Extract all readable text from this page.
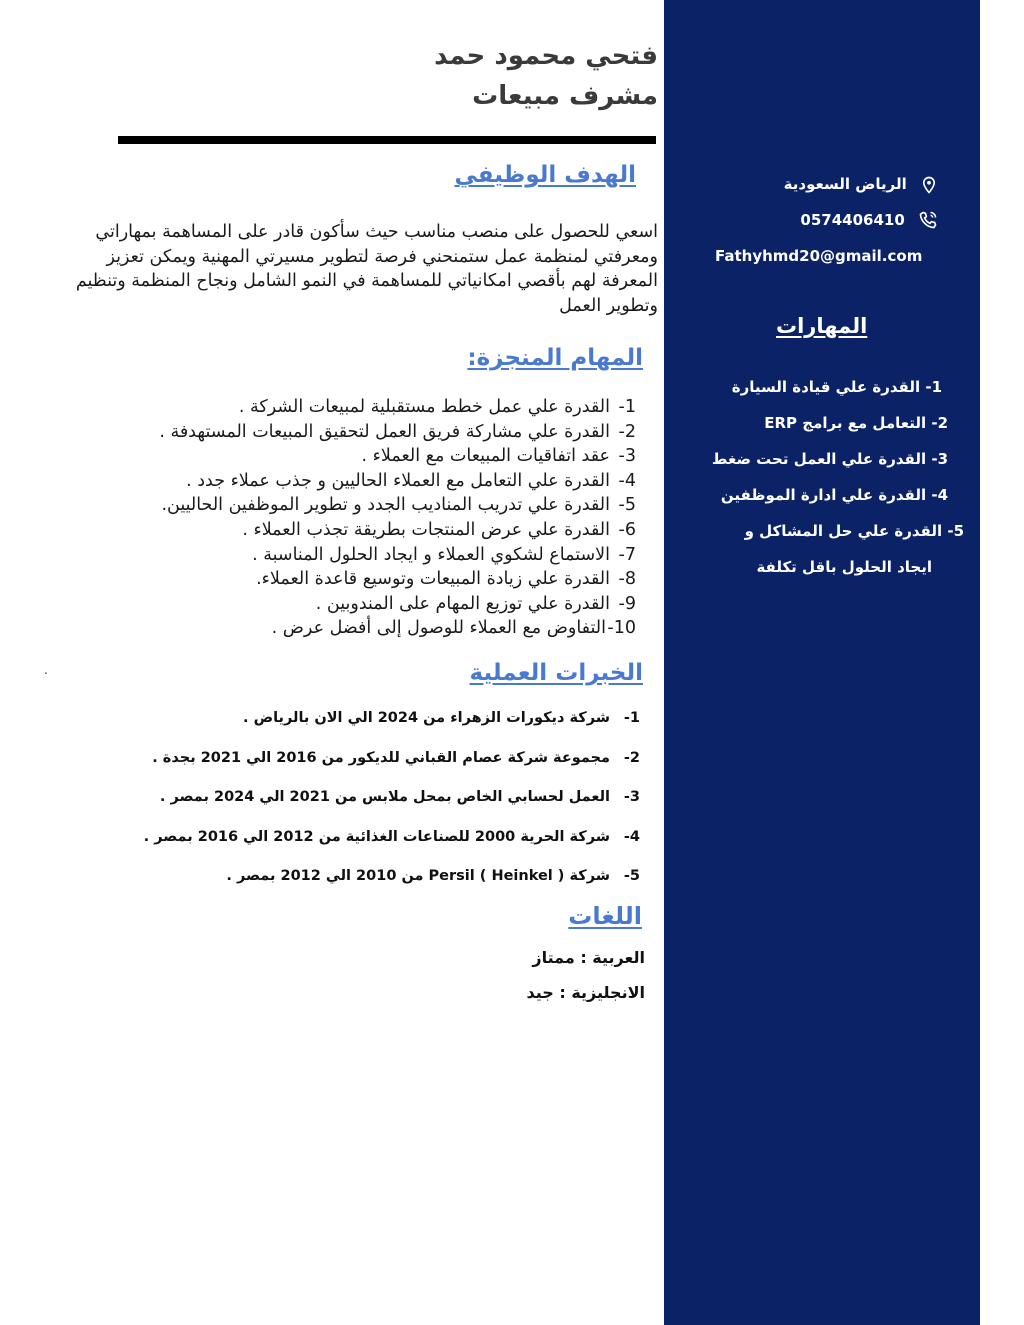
فتحي محمود حمد
مشرف مبيعات
الهدف الوظيفي
اسعي للحصول على منصب مناسب حيث سأكون قادر على المساهمة بمهاراتي ومعرفتي لمنظمة عمل ستمنحني فرصة لتطوير مسيرتي المهنية ويمكن تعزيز المعرفة لهم بأقصي امكانياتي للمساهمة في النمو الشامل ونجاح المنظمة وتنظيم وتطوير العمل
المهام المنجزة:
1-القدرة علي عمل خطط مستقبلية لمبيعات الشركة .
2-القدرة علي مشاركة فريق العمل لتحقيق المبيعات المستهدفة .
3-عقد اتفاقيات المبيعات مع العملاء .
4-القدرة علي التعامل مع العملاء الحاليين و جذب عملاء جدد .
5-القدرة علي تدريب المناديب الجدد و تطوير الموظفين الحاليين.
6-القدرة علي عرض المنتجات بطريقة تجذب العملاء .
7-الاستماع لشكوي العملاء و ايجاد الحلول المناسبة .
8-القدرة علي زيادة المبيعات وتوسيع قاعدة العملاء.
9-القدرة علي توزيع المهام على المندوبين .
10-التفاوض مع العملاء للوصول إلى أفضل عرض .
.	الخبرات العملية
1-شركة ديكورات الزهراء من 2024 الي الان بالرياض .
2-مجموعة شركة عصام القباني للديكور من 2016 الي 2021 بجدة .
3-العمل لحسابي الخاص بمحل ملابس من 2021 الي 2024 بمصر .
4-شركة الحرية 2000 للصناعات الغذائية من 2012 الي 2016 بمصر .
5-شركة Persil ( Heinkel ) من 2010 الي 2012 بمصر .
اللغات
العربية : ممتاز
الانجليزية : جيد
الرياض السعودية
0574406410
Fathyhmd20@gmail.com
المهارات
1- القدرة علي قيادة السيارة
2- التعامل مع برامج ERP
3- القدرة علي العمل تحت ضغط
4- القدرة علي ادارة الموظفين
5- القدرة علي حل المشاكل و
ايجاد الحلول باقل تكلفة
